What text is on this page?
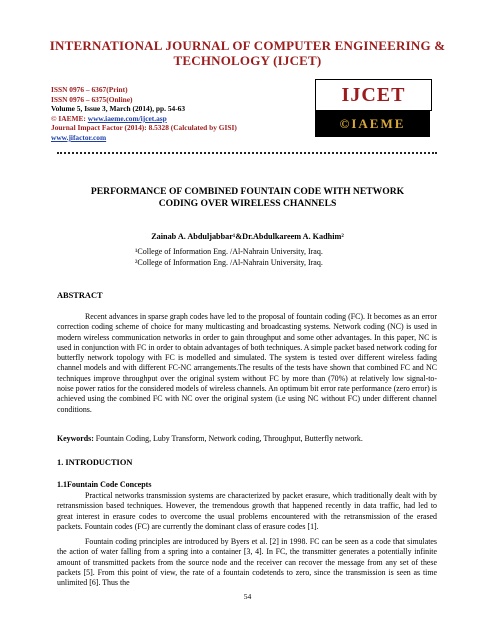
INTERNATIONAL JOURNAL OF COMPUTER ENGINEERING &
TECHNOLOGY (IJCET)
ISSN 0976 – 6367(Print)
ISSN 0976 – 6375(Online)
Volume 5, Issue 3, March (2014), pp. 54-63
© IAEME: www.iaeme.com/ijcet.asp
Journal Impact Factor (2014): 8.5328 (Calculated by GISI)
www.jifactor.com
IJCET
©IAEME
PERFORMANCE OF COMBINED FOUNTAIN CODE WITH NETWORK
CODING OVER WIRELESS CHANNELS
Zainab A. Abduljabbar¹&Dr.Abdulkareem A. Kadhim²
¹College of Information Eng. /Al-Nahrain University, Iraq.
²College of Information Eng. /Al-Nahrain University, Iraq.
ABSTRACT
Recent advances in sparse graph codes have led to the proposal of fountain coding (FC). It becomes as an error correction coding scheme of choice for many multicasting and broadcasting systems. Network coding (NC) is used in modern wireless communication networks in order to gain throughput and some other advantages. In this paper, NC is used in conjunction with FC in order to obtain advantages of both techniques. A simple packet based network coding for butterfly network topology with FC is modelled and simulated. The system is tested over different wireless fading channel models and with different FC-NC arrangements.The results of the tests have shown that combined FC and NC techniques improve throughput over the original system without FC by more than (70%) at relatively low signal-to-noise power ratios for the considered models of wireless channels. An optimum bit error rate performance (zero error) is achieved using the combined FC with NC over the original system (i.e using NC without FC) under different channel conditions.
Keywords: Fountain Coding, Luby Transform, Network coding, Throughput, Butterfly network.
1. INTRODUCTION
1.1Fountain Code Concepts
Practical networks transmission systems are characterized by packet erasure, which traditionally dealt with by retransmission based techniques. However, the tremendous growth that happened recently in data traffic, had led to great interest in erasure codes to overcome the usual problems encountered with the retransmission of the erased packets. Fountain codes (FC) are currently the dominant class of erasure codes [1].
Fountain coding principles are introduced by Byers et al. [2] in 1998. FC can be seen as a code that simulates the action of water falling from a spring into a container [3, 4]. In FC, the transmitter generates a potentially infinite amount of transmitted packets from the source node and the receiver can recover the message from any set of these packets [5]. From this point of view, the rate of a fountain codetends to zero, since the transmission is seen as time unlimited [6]. Thus the
54
